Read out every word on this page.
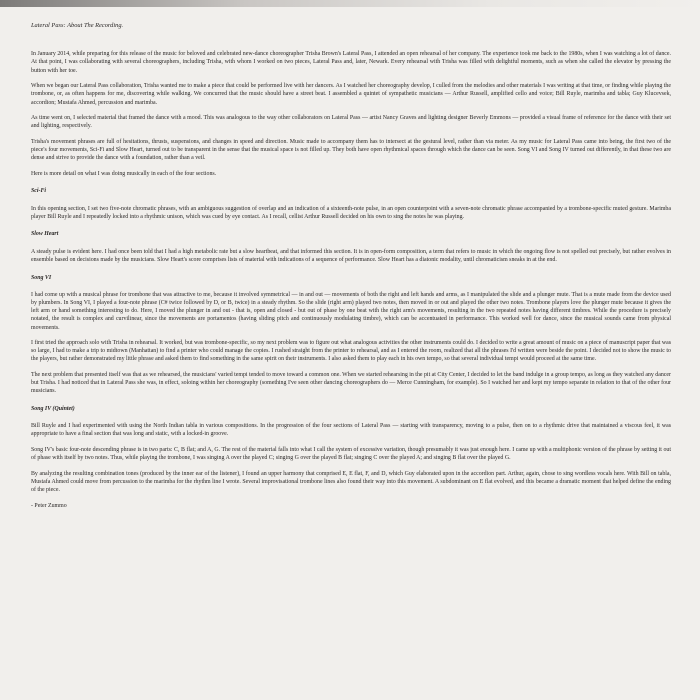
Lateral Pass: About The Recording.

In January 2014, while preparing for this release of the music for beloved and celebrated new-dance choreographer Trisha Brown's Lateral Pass, I attended an open rehearsal of her company. The experience took me back to the 1980s, when I was watching a lot of dance. At that point, I was collaborating with several choreographers, including Trisha, with whom I worked on two pieces, Lateral Pass and, later, Newark. Every rehearsal with Trisha was filled with delightful moments, such as when she called the elevator by pressing the button with her toe.

When we began our Lateral Pass collaboration, Trisha wanted me to make a piece that could be performed live with her dancers. As I watched her choreography develop, I culled from the melodies and other materials I was writing at that time, or finding while playing the trombone, or, as often happens for me, discovering while walking. We concurred that the music should have a street beat. I assembled a quintet of sympathetic musicians — Arthur Russell, amplified cello and voice; Bill Ruyle, marimba and tabla; Guy Klucevsek, accordion; Mustafa Ahmed, percussion and marimba.

As time went on, I selected material that framed the dance with a mood. This was analogous to the way other collaborators on Lateral Pass — artist Nancy Graves and lighting designer Beverly Emmons — provided a visual frame of reference for the dance with their set and lighting, respectively.

Trisha's movement phrases are full of hesitations, thrusts, suspensions, and changes in speed and direction. Music made to accompany them has to intersect at the gestural level, rather than via meter. As my music for Lateral Pass came into being, the first two of the piece's four movements, Sci-Fi and Slow Heart, turned out to be transparent in the sense that the musical space is not filled up. They both have open rhythmical spaces through which the dance can be seen. Song VI and Song IV turned out differently, in that these two are dense and strive to provide the dance with a foundation, rather than a veil.

Here is more detail on what I was doing musically in each of the four sections.

Sci-Fi

In this opening section, I set two five-note chromatic phrases, with an ambiguous suggestion of overlap and an indication of a sixteenth-note pulse, in an open counterpoint with a seven-note chromatic phrase accompanied by a trombone-specific muted gesture. Marimba player Bill Ruyle and I repeatedly locked into a rhythmic unison, which was cued by eye contact. As I recall, cellist Arthur Russell decided on his own to sing the notes he was playing.

Slow Heart

A steady pulse is evident here. I had once been told that I had a high metabolic rate but a slow heartbeat, and that informed this section. It is in open-form composition, a term that refers to music in which the ongoing flow is not spelled out precisely, but rather evolves in ensemble based on decisions made by the musicians. Slow Heart's score comprises lists of material with indications of a sequence of performance. Slow Heart has a diatonic modality, until chromaticism sneaks in at the end.

Song VI

I had come up with a musical phrase for trombone that was attractive to me, because it involved symmetrical — in and out — movements of both the right and left hands and arms, as I manipulated the slide and a plunger mute. That is a mute made from the device used by plumbers. In Song VI, I played a four-note phrase (C# twice followed by D, or B, twice) in a steady rhythm. So the slide (right arm) played two notes, then moved in or out and played the other two notes. Trombone players love the plunger mute because it gives the left arm or hand something interesting to do. Here, I moved the plunger in and out - that is, open and closed - but out of phase by one beat with the right arm's movements, resulting in the two repeated notes having different timbres. While the procedure is precisely notated, the result is complex and curvilinear, since the movements are portamentos (having sliding pitch and continuously modulating timbre), which can be accentuated in performance. This worked well for dance, since the musical sounds came from physical movements.

I first tried the approach solo with Trisha in rehearsal. It worked, but was trombone-specific, so my next problem was to figure out what analogous activities the other instruments could do. I decided to write a great amount of music on a piece of manuscript paper that was so large, I had to make a trip to midtown (Manhattan) to find a printer who could manage the copies. I rushed straight from the printer to rehearsal, and as I entered the room, realized that all the phrases I'd written were beside the point. I decided not to show the music to the players, but rather demonstrated my little phrase and asked them to find something in the same spirit on their instruments. I also asked them to play each in his own tempo, so that several individual tempi would proceed at the same time.

The next problem that presented itself was that as we rehearsed, the musicians' varied tempi tended to move toward a common one. When we started rehearsing in the pit at City Center, I decided to let the band indulge in a group tempo, as long as they watched any dancer but Trisha. I had noticed that in Lateral Pass she was, in effect, soloing within her choreography (something I've seen other dancing choreographers do — Merce Cunningham, for example). So I watched her and kept my tempo separate in relation to that of the other four musicians.

Song IV (Quintet)

Bill Ruyle and I had experimented with using the North Indian tabla in various compositions. In the progression of the four sections of Lateral Pass — starting with transparency, moving to a pulse, then on to a rhythmic drive that maintained a viscous feel, it was appropriate to have a final section that was long and static, with a locked-in groove.

Song IV's basic four-note descending phrase is in two parts: C, B flat; and A, G. The rest of the material falls into what I call the system of excessive variation, though presumably it was just enough here. I came up with a multiphonic version of the phrase by setting it out of phase with itself by two notes. Thus, while playing the trombone, I was singing A over the played C; singing G over the played B flat; singing C over the played A; and singing B flat over the played G.

By analyzing the resulting combination tones (produced by the inner ear of the listener), I found an upper harmony that comprised E, E flat, F, and D, which Guy elaborated upon in the accordion part. Arthur, again, chose to sing wordless vocals here. With Bill on tabla, Mustafa Ahmed could move from percussion to the marimba for the rhythm line I wrote. Several improvisational trombone lines also found their way into this movement. A subdominant on E flat evolved, and this became a dramatic moment that helped define the ending of the piece.

- Peter Zummo
